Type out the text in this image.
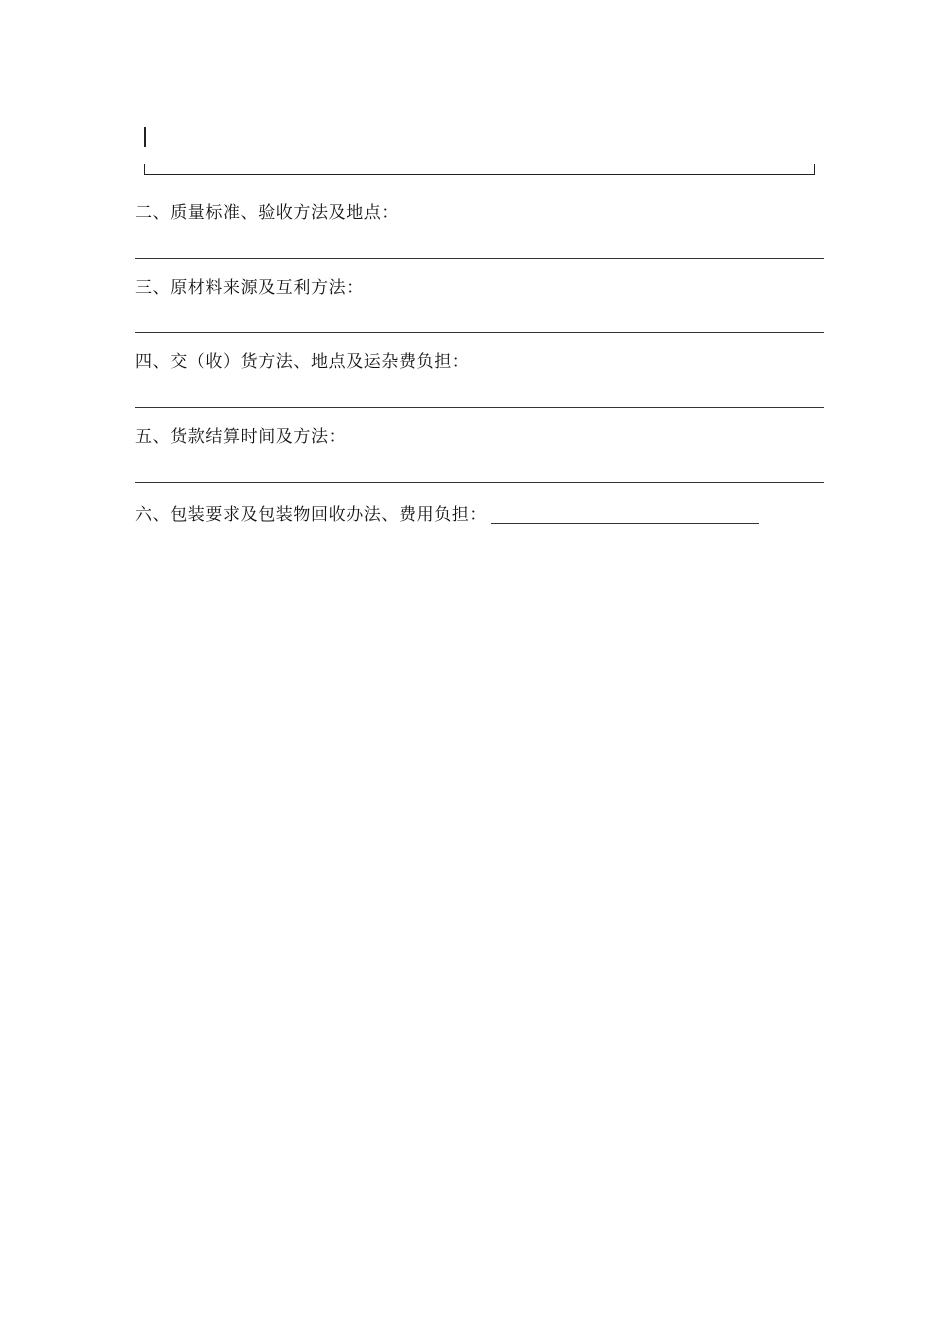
二、质量标准、验收方法及地点：
三、原材料来源及互利方法：
四、交（收）货方法、地点及运杂费负担：
五、货款结算时间及方法：
六、包装要求及包装物回收办法、费用负担：
